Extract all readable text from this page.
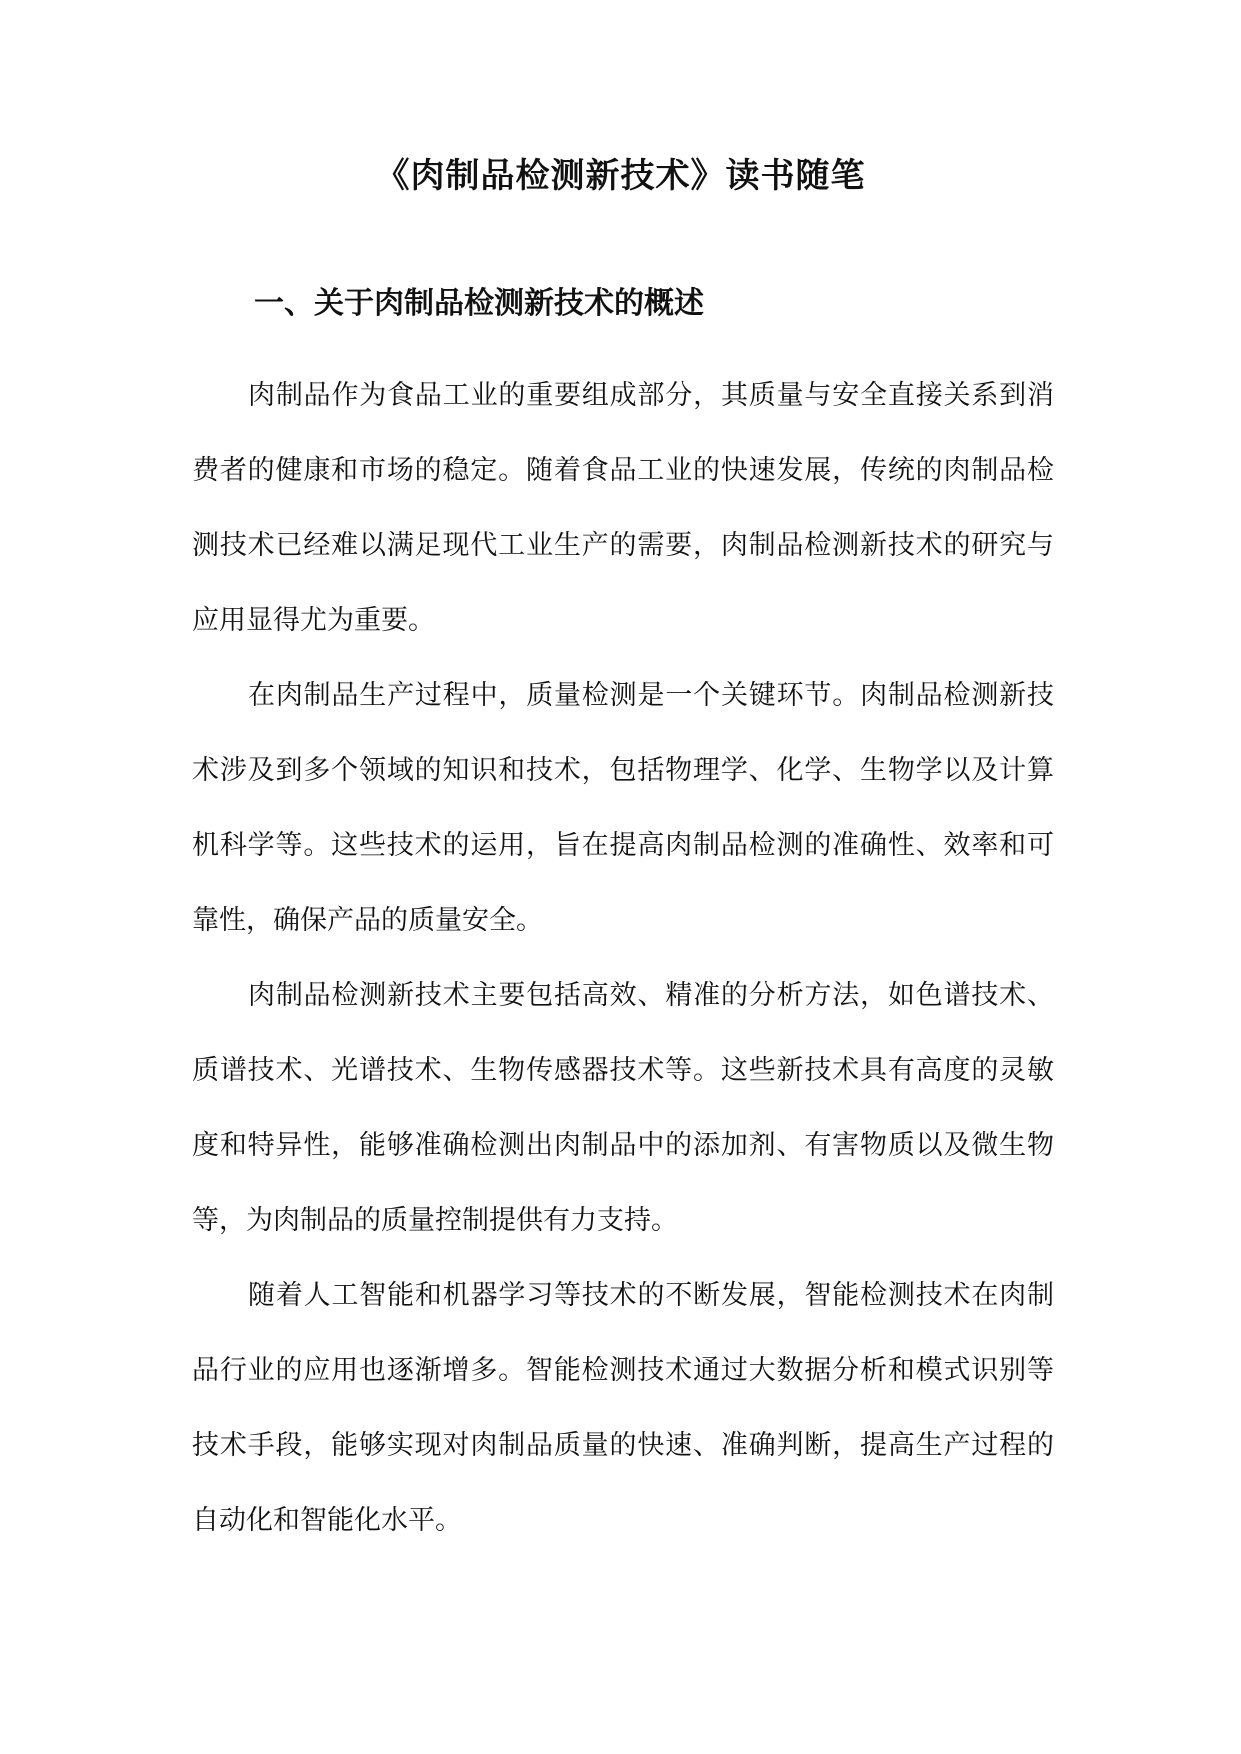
《肉制品检测新技术》读书随笔
一、关于肉制品检测新技术的概述

肉制品作为食品工业的重要组成部分，其质量与安全直接关系到消费者的健康和市场的稳定。随着食品工业的快速发展，传统的肉制品检测技术已经难以满足现代工业生产的需要，肉制品检测新技术的研究与应用显得尤为重要。

在肉制品生产过程中，质量检测是一个关键环节。肉制品检测新技术涉及到多个领域的知识和技术，包括物理学、化学、生物学以及计算机科学等。这些技术的运用，旨在提高肉制品检测的准确性、效率和可靠性，确保产品的质量安全。

肉制品检测新技术主要包括高效、精准的分析方法，如色谱技术、质谱技术、光谱技术、生物传感器技术等。这些新技术具有高度的灵敏度和特异性，能够准确检测出肉制品中的添加剂、有害物质以及微生物等，为肉制品的质量控制提供有力支持。

随着人工智能和机器学习等技术的不断发展，智能检测技术在肉制品行业的应用也逐渐增多。智能检测技术通过大数据分析和模式识别等技术手段，能够实现对肉制品质量的快速、准确判断，提高生产过程的自动化和智能化水平。
